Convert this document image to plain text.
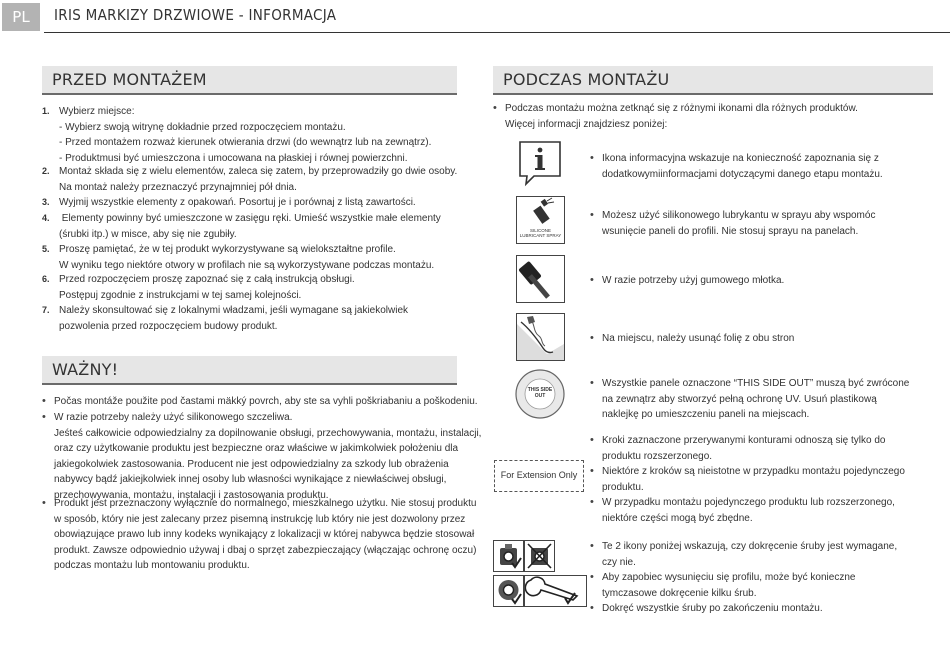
PL	IRIS MARKIZY DRZWIOWE - INFORMACJA
PRZED MONTAŻEM
1. Wybierz miejsce:
- Wybierz swoją witrynę dokładnie przed rozpoczęciem montażu.
- Przed montażem rozważ kierunek otwierania drzwi (do wewnątrz lub na zewnątrz).
- Produktmusi być umieszczona i umocowana na płaskiej i równej powierzchni.
2. Montaż składa się z wielu elementów, zaleca się zatem, by przeprowadziły go dwie osoby.
Na montaż należy przeznaczyć przynajmniej pół dnia.
3. Wyjmij wszystkie elementy z opakowań. Posortuj je i porównaj z listą zawartości.
4. Elementy powinny być umieszczone w zasięgu ręki. Umieść wszystkie małe elementy
(śrubki itp.) w misce, aby się nie zgubiły.
5. Proszę pamiętać, że w tej produkt wykorzystywane są wielokształtne profile.
W wyniku tego niektóre otwory w profilach nie są wykorzystywane podczas montażu.
6. Przed rozpoczęciem proszę zapoznać się z całą instrukcją obsługi.
Postępuj zgodnie z instrukcjami w tej samej kolejności.
7. Należy skonsultować się z lokalnymi władzami, jeśli wymagane są jakiekolwiek
pozwolenia przed rozpoczęciem budowy produkt.
WAŻNY!
• Počas montáže použite pod častami mäkký povrch, aby ste sa vyhli poškriabaniu a poškodeniu.
• W razie potrzeby należy użyć silikonowego szczeliwa.
Jeśteś całkowicie odpowiedzialny za dopilnowanie obsługi, przechowywania, montażu, instalacji,
oraz czy użytkowanie produktu jest bezpieczne oraz właściwe w jakimkolwiek położeniu dla
jakiegokolwiek zastosowania. Producent nie jest odpowiedzialny za szkody lub obrażenia
nabywcy bądź jakiejkolwiek innej osoby lub własności wynikające z niewłaściwej obsługi,
przechowywania, montażu, instalacji i zastosowania produktu.
• Produkt jest przeznaczony wyłącznie do normalnego, mieszkalnego użytku. Nie stosuj produktu
w sposób, który nie jest zalecany przez pisemną instrukcję lub który nie jest dozwolony przez
obowiązujące prawo lub inny kodeks wynikający z lokalizacji w której nabywca będzie stosował
produkt. Zawsze odpowiednio używaj i dbaj o sprzęt zabezpieczający (włączając ochronę oczu)
podczas montażu lub montowaniu produktu.
PODCZAS MONTAŻU
• Podczas montażu można zetknąć się z różnymi ikonami dla różnych produktów.
Więcej informacji znajdziesz poniżej:
• Ikona informacyjna wskazuje na konieczność zapoznania się z
dodatkowymiinformacjami dotyczącymi danego etapu montażu.
SILICONE
LUBRICANT SPRAY
• Możesz użyć silikonowego lubrykantu w sprayu aby wspomóc
wsunięcie paneli do profili. Nie stosuj sprayu na panelach.
• W razie potrzeby użyj gumowego młotka.
• Na miejscu, należy usunąć folię z obu stron
THIS SIDE
OUT
• Wszystkie panele oznaczone “THIS SIDE OUT” muszą być zwrócone
na zewnątrz aby stworzyć pełną ochronę UV. Usuń plastikową
naklejkę po umieszczeniu paneli na miejscach.
For Extension Only
• Kroki zaznaczone przerywanymi konturami odnoszą się tylko do
produktu rozszerzonego.
• Niektóre z kroków są nieistotne w przypadku montażu pojedynczego
produktu.
• W przypadku montażu pojedynczego produktu lub rozszerzonego,
niektóre części mogą być zbędne.
• Te 2 ikony poniżej wskazują, czy dokręcenie śruby jest wymagane,
czy nie.
• Aby zapobiec wysunięciu się profilu, może być konieczne
tymczasowe dokręcenie kilku śrub.
• Dokręć wszystkie śruby po zakończeniu montażu.
